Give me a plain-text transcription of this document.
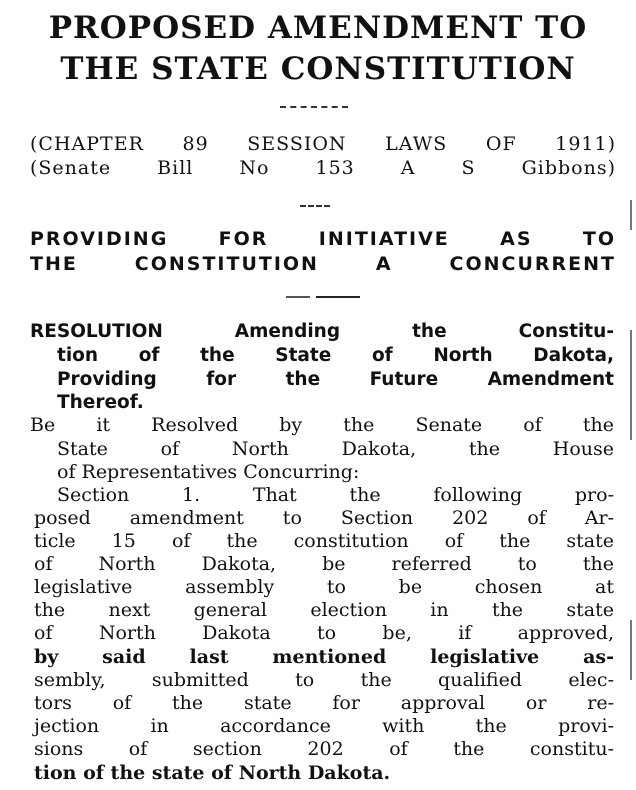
PROPOSED AMENDMENT TO
THE STATE CONSTITUTION
(CHAPTER 89 SESSION LAWS OF 1911)
(Senate Bill No 153 A S Gibbons)
PROVIDING FOR INITIATIVE AS TO
THE CONSTITUTION A CONCURRENT
RESOLUTION Amending the Constitu-
tion of the State of North Dakota,
Providing for the Future Amendment
Thereof.
Be it Resolved by the Senate of the
State of North Dakota, the House
of Representatives Concurring:
Section 1. That the following pro-
posed amendment to Section 202 of Ar-
ticle 15 of the constitution of the state
of North Dakota, be referred to the
legislative assembly to be chosen at
the next general election in the state
of North Dakota to be, if approved,
by said last mentioned legislative as-
sembly, submitted to the qualified elec-
tors of the state for approval or re-
jection in accordance with the provi-
sions of section 202 of the constitu-
tion of the state of North Dakota.
